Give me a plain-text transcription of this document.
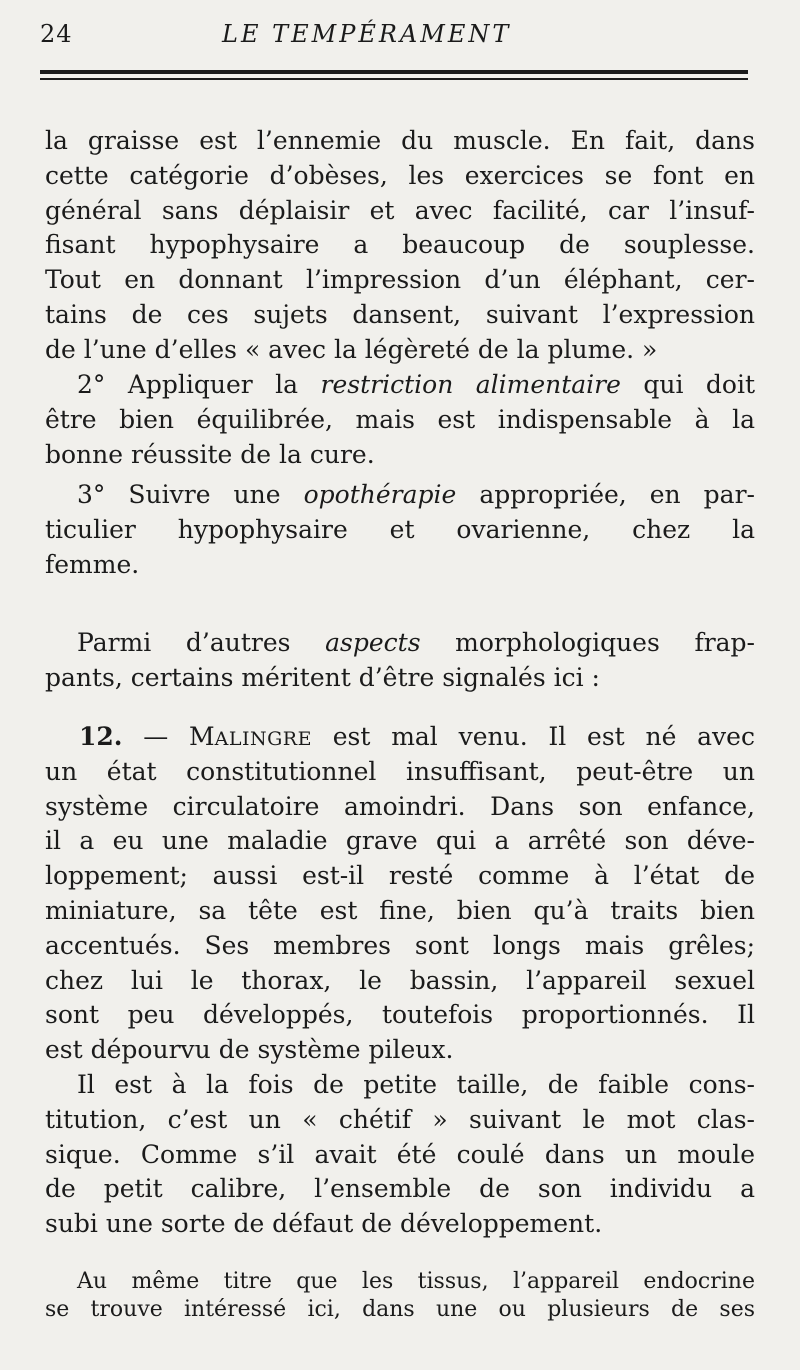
24	LE TEMPÉRAMENT
la graisse est l’ennemie du muscle. En fait, dans
cette catégorie d’obèses, les exercices se font en
général sans déplaisir et avec facilité, car l’insuf-
fisant hypophysaire a beaucoup de souplesse.
Tout en donnant l’impression d’un éléphant, cer-
tains de ces sujets dansent, suivant l’expression
de l’une d’elles « avec la légèreté de la plume. »
2° Appliquer la restriction alimentaire qui doit
être bien équilibrée, mais est indispensable à la
bonne réussite de la cure.
3° Suivre une opothérapie appropriée, en par-
ticulier hypophysaire et ovarienne, chez la
femme.
Parmi d’autres aspects morphologiques frap-
pants, certains méritent d’être signalés ici :
12. — MALINGRE est mal venu. Il est né avec
un état constitutionnel insuffisant, peut-être un
système circulatoire amoindri. Dans son enfance,
il a eu une maladie grave qui a arrêté son déve-
loppement; aussi est-il resté comme à l’état de
miniature, sa tête est fine, bien qu’à traits bien
accentués. Ses membres sont longs mais grêles;
chez lui le thorax, le bassin, l’appareil sexuel
sont peu développés, toutefois proportionnés. Il
est dépourvu de système pileux.
Il est à la fois de petite taille, de faible cons-
titution, c’est un « chétif » suivant le mot clas-
sique. Comme s’il avait été coulé dans un moule
de petit calibre, l’ensemble de son individu a
subi une sorte de défaut de développement.
Au même titre que les tissus, l’appareil endocrine
se trouve intéressé ici, dans une ou plusieurs de ses
